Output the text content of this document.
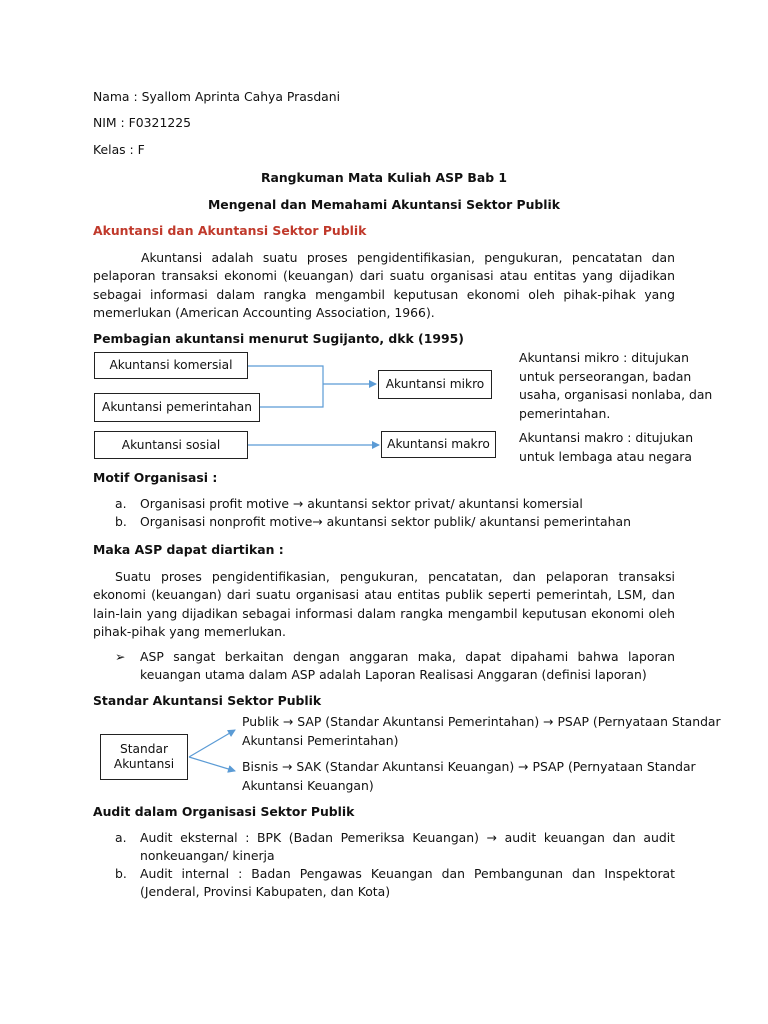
Nama : Syallom Aprinta Cahya Prasdani
NIM : F0321225
Kelas : F
Rangkuman Mata Kuliah ASP Bab 1
Mengenal dan Memahami Akuntansi Sektor Publik
Akuntansi dan Akuntansi Sektor Publik
Akuntansi adalah suatu proses pengidentifikasian, pengukuran, pencatatan dan pelaporan transaksi ekonomi (keuangan) dari suatu organisasi atau entitas yang dijadikan sebagai informasi dalam rangka mengambil keputusan ekonomi oleh pihak-pihak yang memerlukan (American Accounting Association, 1966).
Pembagian akuntansi menurut Sugijanto, dkk (1995)
Akuntansi komersial
Akuntansi pemerintahan
Akuntansi sosial
Akuntansi mikro
Akuntansi makro
Akuntansi mikro : ditujukan
untuk perseorangan, badan
usaha, organisasi nonlaba, dan
pemerintahan.
Akuntansi makro : ditujukan
untuk lembaga atau negara
Motif Organisasi :
a. Organisasi profit motive → akuntansi sektor privat/ akuntansi komersial
b. Organisasi nonprofit motive→ akuntansi sektor publik/ akuntansi pemerintahan
Maka ASP dapat diartikan :
Suatu proses pengidentifikasian, pengukuran, pencatatan, dan pelaporan transaksi ekonomi (keuangan) dari suatu organisasi atau entitas publik seperti pemerintah, LSM, dan lain-lain yang dijadikan sebagai informasi dalam rangka mengambil keputusan ekonomi oleh pihak-pihak yang memerlukan.
➢ ASP sangat berkaitan dengan anggaran maka, dapat dipahami bahwa laporan keuangan utama dalam ASP adalah Laporan Realisasi Anggaran (definisi laporan)
Standar Akuntansi Sektor Publik
Standar
Akuntansi
Publik → SAP (Standar Akuntansi Pemerintahan) → PSAP (Pernyataan Standar
Akuntansi Pemerintahan)
Bisnis → SAK (Standar Akuntansi Keuangan) → PSAP (Pernyataan Standar
Akuntansi Keuangan)
Audit dalam Organisasi Sektor Publik
a. Audit eksternal : BPK (Badan Pemeriksa Keuangan) → audit keuangan dan audit nonkeuangan/ kinerja
b. Audit internal : Badan Pengawas Keuangan dan Pembangunan dan Inspektorat (Jenderal, Provinsi Kabupaten, dan Kota)
